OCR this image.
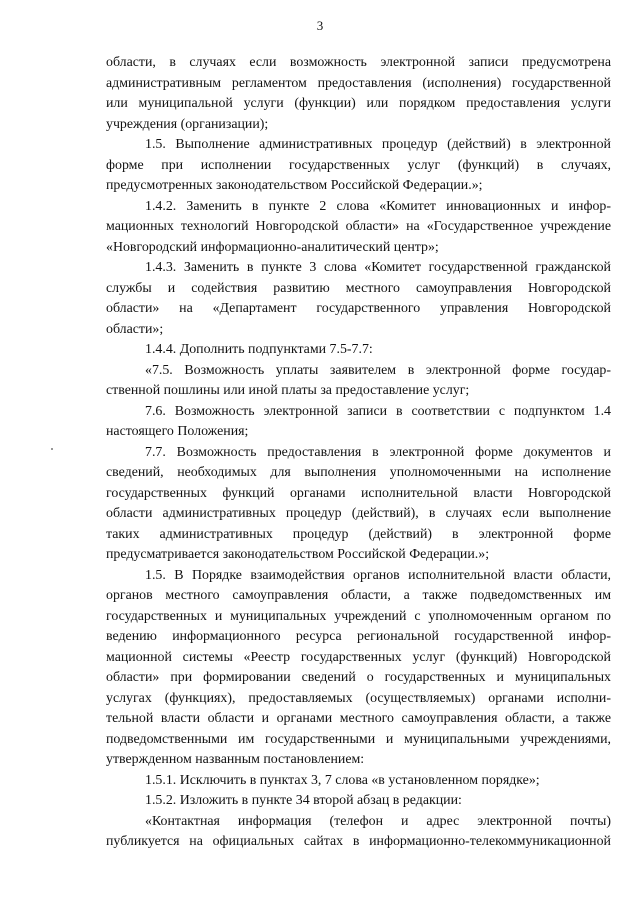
3
области, в случаях если возможность электронной записи предусмотрена
административным регламентом предоставления (исполнения) государственной
или муниципальной услуги (функции) или порядком предоставления услуги
учреждения (организации);
1.5. Выполнение административных процедур (действий) в электронной
форме при исполнении государственных услуг (функций) в случаях,
предусмотренных законодательством Российской Федерации.»;
1.4.2. Заменить в пункте 2 слова «Комитет инновационных и инфор-
мационных технологий Новгородской области» на «Государственное учреждение
«Новгородский информационно-аналитический центр»;
1.4.3. Заменить в пункте 3 слова «Комитет государственной гражданской
службы и содействия развитию местного самоуправления Новгородской
области» на «Департамент государственного управления Новгородской
области»;
1.4.4. Дополнить подпунктами 7.5-7.7:
«7.5. Возможность уплаты заявителем в электронной форме государ-
ственной пошлины или иной платы за предоставление услуг;
7.6. Возможность электронной записи в соответствии с подпунктом 1.4
настоящего Положения;
7.7. Возможность предоставления в электронной форме документов и
сведений, необходимых для выполнения уполномоченными на исполнение
государственных функций органами исполнительной власти Новгородской
области административных процедур (действий), в случаях если выполнение
таких административных процедур (действий) в электронной форме
предусматривается законодательством Российской Федерации.»;
1.5. В Порядке взаимодействия органов исполнительной власти области,
органов местного самоуправления области, а также подведомственных им
государственных и муниципальных учреждений с уполномоченным органом по
ведению информационного ресурса региональной государственной инфор-
мационной системы «Реестр государственных услуг (функций) Новгородской
области» при формировании сведений о государственных и муниципальных
услугах (функциях), предоставляемых (осуществляемых) органами исполни-
тельной власти области и органами местного самоуправления области, а также
подведомственными им государственными и муниципальными учреждениями,
утвержденном названным постановлением:
1.5.1. Исключить в пунктах 3, 7 слова «в установленном порядке»;
1.5.2. Изложить в пункте 34 второй абзац в редакции:
«Контактная информация (телефон и адрес электронной почты)
публикуется на официальных сайтах в информационно-телекоммуникационной
